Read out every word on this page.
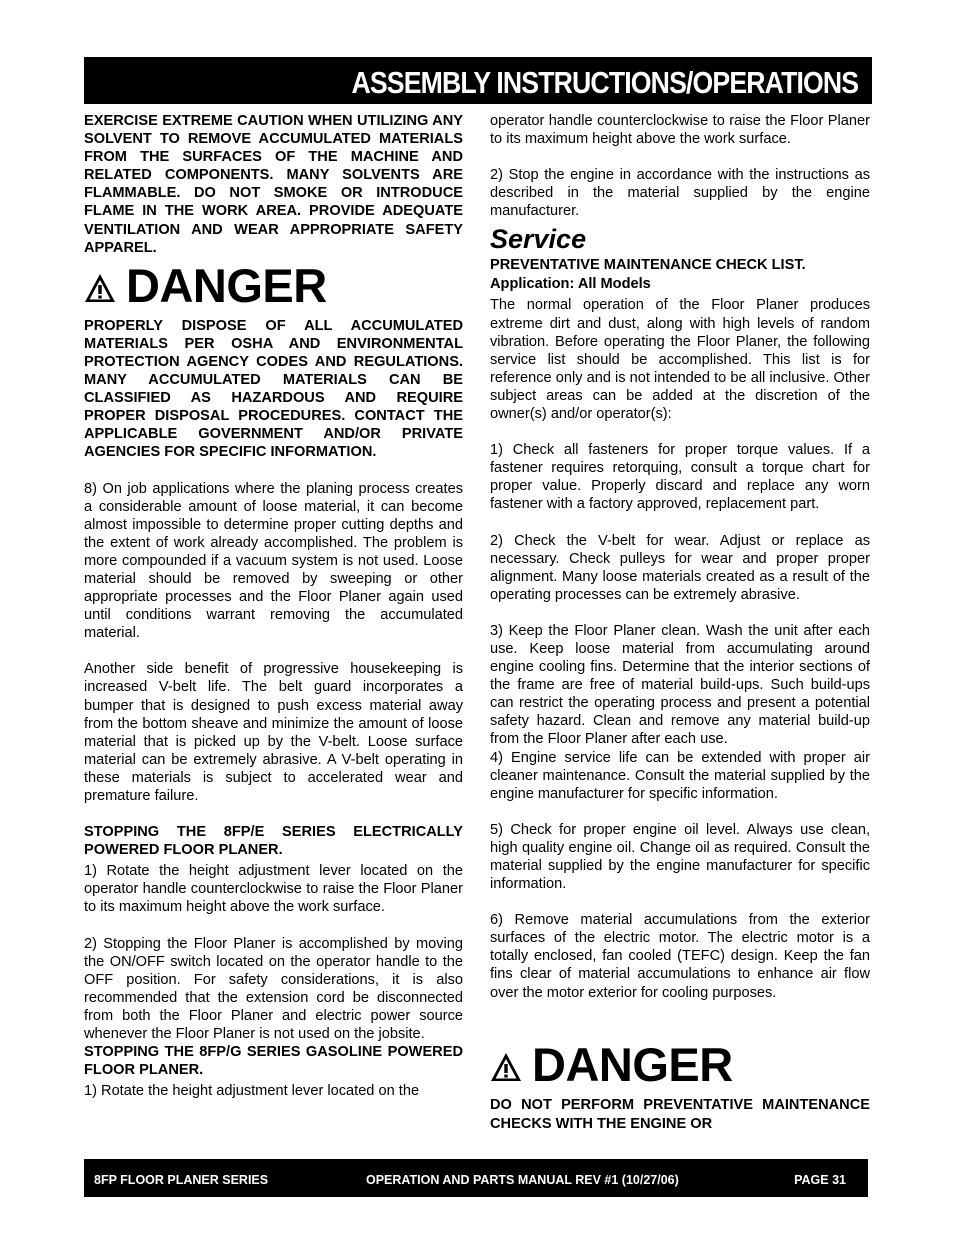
ASSEMBLY INSTRUCTIONS/OPERATIONS

EXERCISE EXTREME CAUTION WHEN UTILIZING ANY SOLVENT TO REMOVE ACCUMULATED MATERIALS FROM THE SURFACES OF THE MACHINE AND RELATED COMPONENTS. MANY SOLVENTS ARE FLAMMABLE. DO NOT SMOKE OR INTRODUCE FLAME IN THE WORK AREA. PROVIDE ADEQUATE VENTILATION AND WEAR APPROPRIATE SAFETY APPAREL.

DANGER

PROPERLY DISPOSE OF ALL ACCUMULATED MATERIALS PER OSHA AND ENVIRONMENTAL PROTECTION AGENCY CODES AND REGULATIONS. MANY ACCUMULATED MATERIALS CAN BE CLASSIFIED AS HAZARDOUS AND REQUIRE PROPER DISPOSAL PROCEDURES. CONTACT THE APPLICABLE GOVERNMENT AND/OR PRIVATE AGENCIES FOR SPECIFIC INFORMATION.

8) On job applications where the planing process creates a considerable amount of loose material, it can become almost impossible to determine proper cutting depths and the extent of work already accomplished. The problem is more compounded if a vacuum system is not used. Loose material should be removed by sweeping or other appropriate processes and the Floor Planer again used until conditions warrant removing the accumulated material.

Another side benefit of progressive housekeeping is increased V-belt life. The belt guard incorporates a bumper that is designed to push excess material away from the bottom sheave and minimize the amount of loose material that is picked up by the V-belt. Loose surface material can be extremely abrasive. A V-belt operating in these materials is subject to accelerated wear and premature failure.

STOPPING THE 8FP/E SERIES ELECTRICALLY POWERED FLOOR PLANER.

1) Rotate the height adjustment lever located on the operator handle counterclockwise to raise the Floor Planer to its maximum height above the work surface.

2) Stopping the Floor Planer is accomplished by moving the ON/OFF switch located on the operator handle to the OFF position. For safety considerations, it is also recommended that the extension cord be disconnected from both the Floor Planer and electric power source whenever the Floor Planer is not used on the jobsite.

STOPPING THE 8FP/G SERIES GASOLINE POWERED FLOOR PLANER.

1) Rotate the height adjustment lever located on the

operator handle counterclockwise to raise the Floor Planer to its maximum height above the work surface.

2) Stop the engine in accordance with the instructions as described in the material supplied by the engine manufacturer.

Service

PREVENTATIVE MAINTENANCE CHECK LIST.

Application: All Models

The normal operation of the Floor Planer produces extreme dirt and dust, along with high levels of random vibration. Before operating the Floor Planer, the following service list should be accomplished. This list is for reference only and is not intended to be all inclusive. Other subject areas can be added at the discretion of the owner(s) and/or operator(s):

1) Check all fasteners for proper torque values. If a fastener requires retorquing, consult a torque chart for proper value. Properly discard and replace any worn fastener with a factory approved, replacement part.

2) Check the V-belt for wear. Adjust or replace as necessary. Check pulleys for wear and proper proper alignment. Many loose materials created as a result of the operating processes can be extremely abrasive.

3) Keep the Floor Planer clean. Wash the unit after each use. Keep loose material from accumulating around engine cooling fins. Determine that the interior sections of the frame are free of material build-ups. Such build-ups can restrict the operating process and present a potential safety hazard. Clean and remove any material build-up from the Floor Planer after each use.

4) Engine service life can be extended with proper air cleaner maintenance. Consult the material supplied by the engine manufacturer for specific information.

5) Check for proper engine oil level. Always use clean, high quality engine oil. Change oil as required. Consult the material supplied by the engine manufacturer for specific information.

6) Remove material accumulations from the exterior surfaces of the electric motor. The electric motor is a totally enclosed, fan cooled (TEFC) design. Keep the fan fins clear of material accumulations to enhance air flow over the motor exterior for cooling purposes.

DANGER

DO NOT PERFORM PREVENTATIVE MAINTENANCE CHECKS WITH THE ENGINE OR

8FP FLOOR PLANER SERIES	OPERATION AND PARTS MANUAL REV #1 (10/27/06)	PAGE 31
